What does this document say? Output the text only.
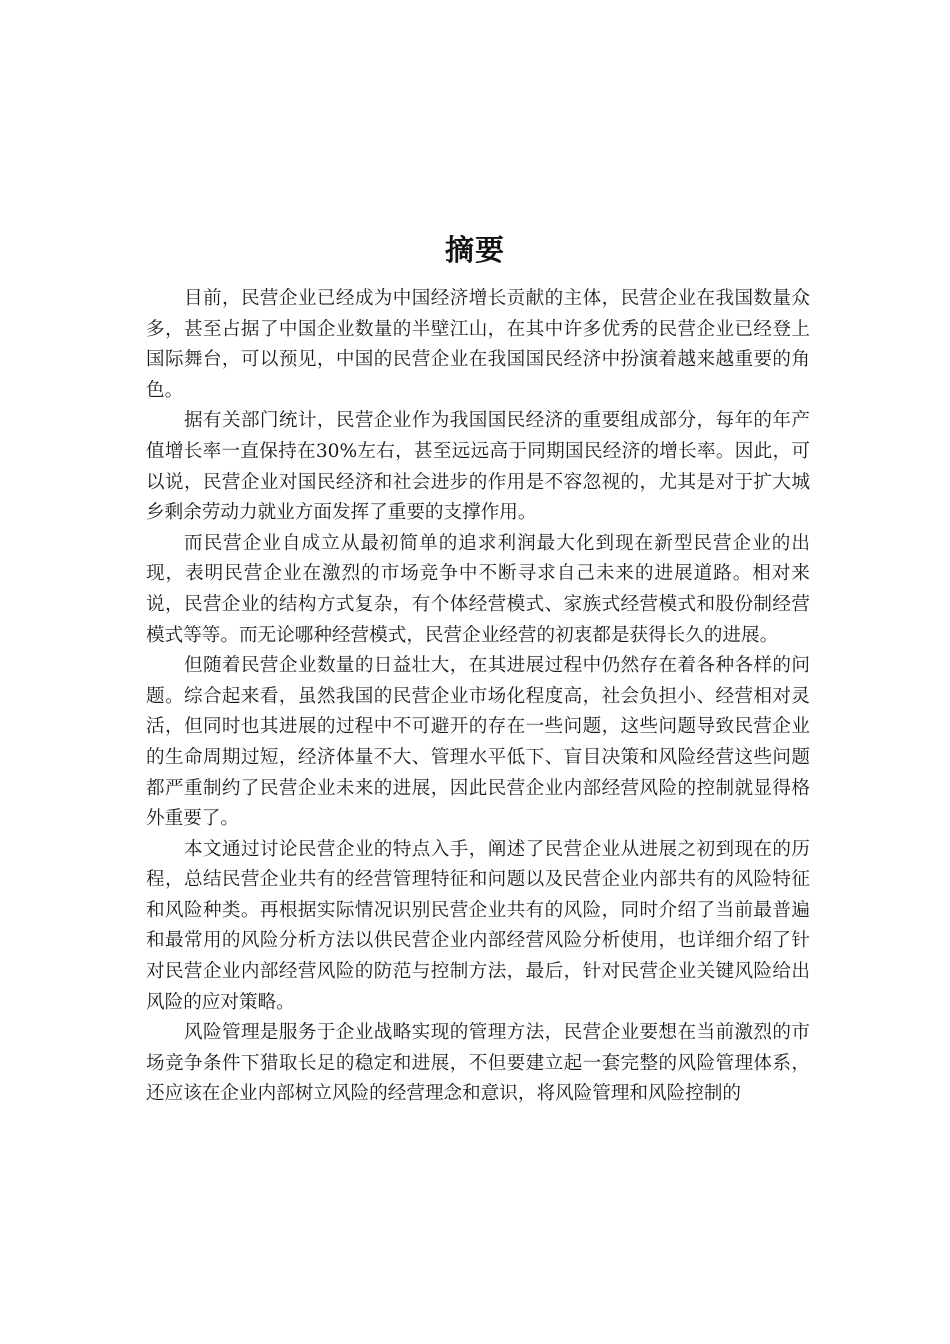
摘要

目前，民营企业已经成为中国经济增长贡献的主体，民营企业在我国数量众多，甚至占据了中国企业数量的半壁江山，在其中许多优秀的民营企业已经登上国际舞台，可以预见，中国的民营企业在我国国民经济中扮演着越来越重要的角色。

据有关部门统计，民营企业作为我国国民经济的重要组成部分，每年的年产值增长率一直保持在30%左右，甚至远远高于同期国民经济的增长率。因此，可以说，民营企业对国民经济和社会进步的作用是不容忽视的，尤其是对于扩大城乡剩余劳动力就业方面发挥了重要的支撑作用。

而民营企业自成立从最初简单的追求利润最大化到现在新型民营企业的出现，表明民营企业在激烈的市场竞争中不断寻求自己未来的进展道路。相对来说，民营企业的结构方式复杂，有个体经营模式、家族式经营模式和股份制经营模式等等。而无论哪种经营模式，民营企业经营的初衷都是获得长久的进展。

但随着民营企业数量的日益壮大，在其进展过程中仍然存在着各种各样的问题。综合起来看，虽然我国的民营企业市场化程度高，社会负担小、经营相对灵活，但同时也其进展的过程中不可避开的存在一些问题，这些问题导致民营企业的生命周期过短，经济体量不大、管理水平低下、盲目决策和风险经营这些问题都严重制约了民营企业未来的进展，因此民营企业内部经营风险的控制就显得格外重要了。

本文通过讨论民营企业的特点入手，阐述了民营企业从进展之初到现在的历程，总结民营企业共有的经营管理特征和问题以及民营企业内部共有的风险特征和风险种类。再根据实际情况识别民营企业共有的风险，同时介绍了当前最普遍和最常用的风险分析方法以供民营企业内部经营风险分析使用，也详细介绍了针对民营企业内部经营风险的防范与控制方法，最后，针对民营企业关键风险给出风险的应对策略。

风险管理是服务于企业战略实现的管理方法，民营企业要想在当前激烈的市场竞争条件下猎取长足的稳定和进展，不但要建立起一套完整的风险管理体系，还应该在企业内部树立风险的经营理念和意识，将风险管理和风险控制的
